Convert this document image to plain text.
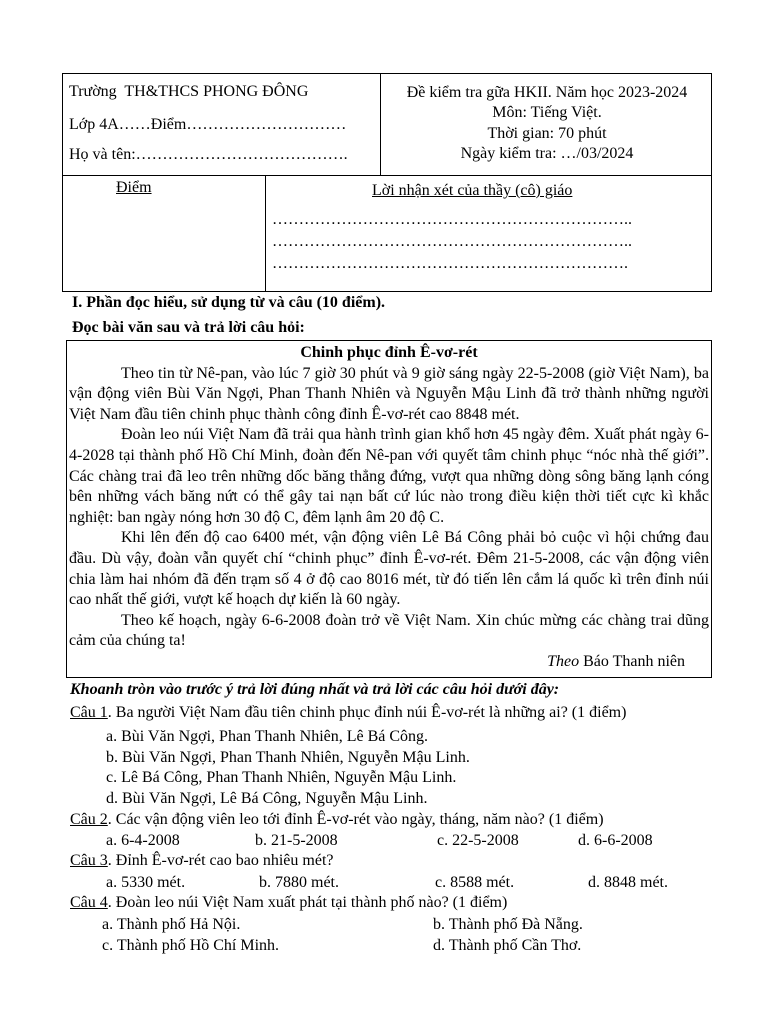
Trường TH&THCS PHONG ĐÔNG
Lớp 4A……Điểm…………………………
Họ và tên:………………………………….
Đề kiểm tra gữa HKII. Năm học 2023-2024
Môn: Tiếng Việt.
Thời gian: 70 phút
Ngày kiểm tra: …/03/2024
Điểm	Lời nhận xét của thầy (cô) giáo
…………………………………………………………..
…………………………………………………………..
………………………………………………………….
I. Phần đọc hiểu, sử dụng từ và câu (10 điểm).
Đọc bài văn sau và trả lời câu hỏi:

Chinh phục đỉnh Ê-vơ-rét

Theo tin từ Nê-pan, vào lúc 7 giờ 30 phút và 9 giờ sáng ngày 22-5-2008 (giờ Việt Nam), ba vận động viên Bùi Văn Ngợi, Phan Thanh Nhiên và Nguyễn Mậu Linh đã trở thành những người Việt Nam đầu tiên chinh phục thành công đỉnh Ê-vơ-rét cao 8848 mét.

Đoàn leo núi Việt Nam đã trải qua hành trình gian khổ hơn 45 ngày đêm. Xuất phát ngày 6-4-2028 tại thành phố Hồ Chí Minh, đoàn đến Nê-pan với quyết tâm chinh phục “nóc nhà thế giới”. Các chàng trai đã leo trên những dốc băng thẳng đứng, vượt qua những dòng sông băng lạnh cóng bên những vách băng nứt có thể gây tai nạn bất cứ lúc nào trong điều kiện thời tiết cực kì khắc nghiệt: ban ngày nóng hơn 30 độ C, đêm lạnh âm 20 độ C.

Khi lên đến độ cao 6400 mét, vận động viên Lê Bá Công phải bỏ cuộc vì hội chứng đau đầu. Dù vậy, đoàn vẫn quyết chí “chinh phục” đỉnh Ê-vơ-rét. Đêm 21-5-2008, các vận động viên chia làm hai nhóm đã đến trạm số 4 ở độ cao 8016 mét, từ đó tiến lên cắm lá quốc kì trên đỉnh núi cao nhất thế giới, vượt kế hoạch dự kiến là 60 ngày.

Theo kế hoạch, ngày 6-6-2008 đoàn trở về Việt Nam. Xin chúc mừng các chàng trai dũng cảm của chúng ta!

Theo Báo Thanh niên

Khoanh tròn vào trước ý trả lời đúng nhất và trả lời các câu hỏi dưới đây:
Câu 1. Ba người Việt Nam đầu tiên chinh phục đỉnh núi Ê-vơ-rét là những ai? (1 điểm)
a. Bùi Văn Ngợi, Phan Thanh Nhiên, Lê Bá Công.
b. Bùi Văn Ngợi, Phan Thanh Nhiên, Nguyễn Mậu Linh.
c. Lê Bá Công, Phan Thanh Nhiên, Nguyễn Mậu Linh.
d. Bùi Văn Ngợi, Lê Bá Công, Nguyễn Mậu Linh.
Câu 2. Các vận động viên leo tới đỉnh Ê-vơ-rét vào ngày, tháng, năm nào? (1 điểm)
a. 6-4-2008	b. 21-5-2008	c. 22-5-2008	d. 6-6-2008
Câu 3. Đỉnh Ê-vơ-rét cao bao nhiêu mét?
a. 5330 mét.	b. 7880 mét.	c. 8588 mét.	d. 8848 mét.
Câu 4. Đoàn leo núi Việt Nam xuất phát tại thành phố nào? (1 điểm)
a. Thành phố Hả Nội.	b. Thành phố Đà Nẵng.
c. Thành phố Hồ Chí Minh.	d. Thành phố Cần Thơ.
